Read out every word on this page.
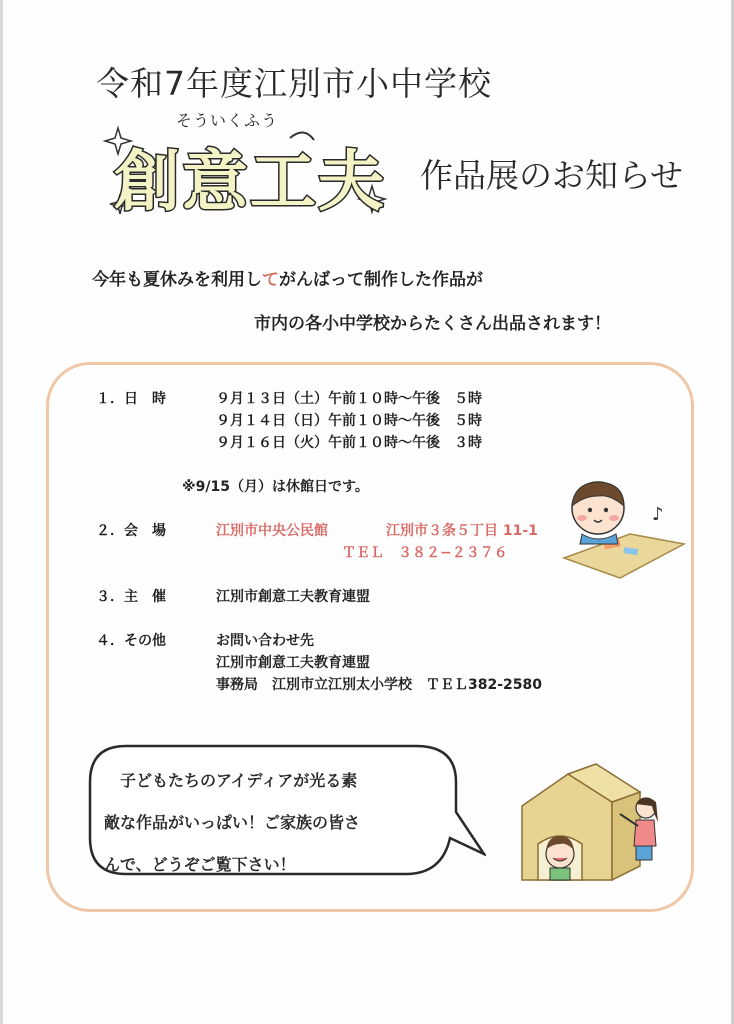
令和7年度江別市小中学校
そういくふう
創意工夫 作品展のお知らせ
今年も夏休みを利用してがんばって制作した作品が
市内の各小中学校からたくさん出品されます！
１．日　時	９月１３日（土）午前１０時〜午後　５時
９月１４日（日）午前１０時〜午後　５時
９月１６日（火）午前１０時〜午後　３時
※9/15（月）は休館日です。
２．会　場	江別市中央公民館	江別市３条５丁目 11-1
ＴＥＬ　３８２−２３７６
３．主　催	江別市創意工夫教育連盟
４．その他	お問い合わせ先
江別市創意工夫教育連盟
事務局　江別市立江別太小学校　ＴＥＬ382-2580
♪
　子どもたちのアイディアが光る素
敵な作品がいっぱい！ご家族の皆さ
んで、どうぞご覧下さい！
